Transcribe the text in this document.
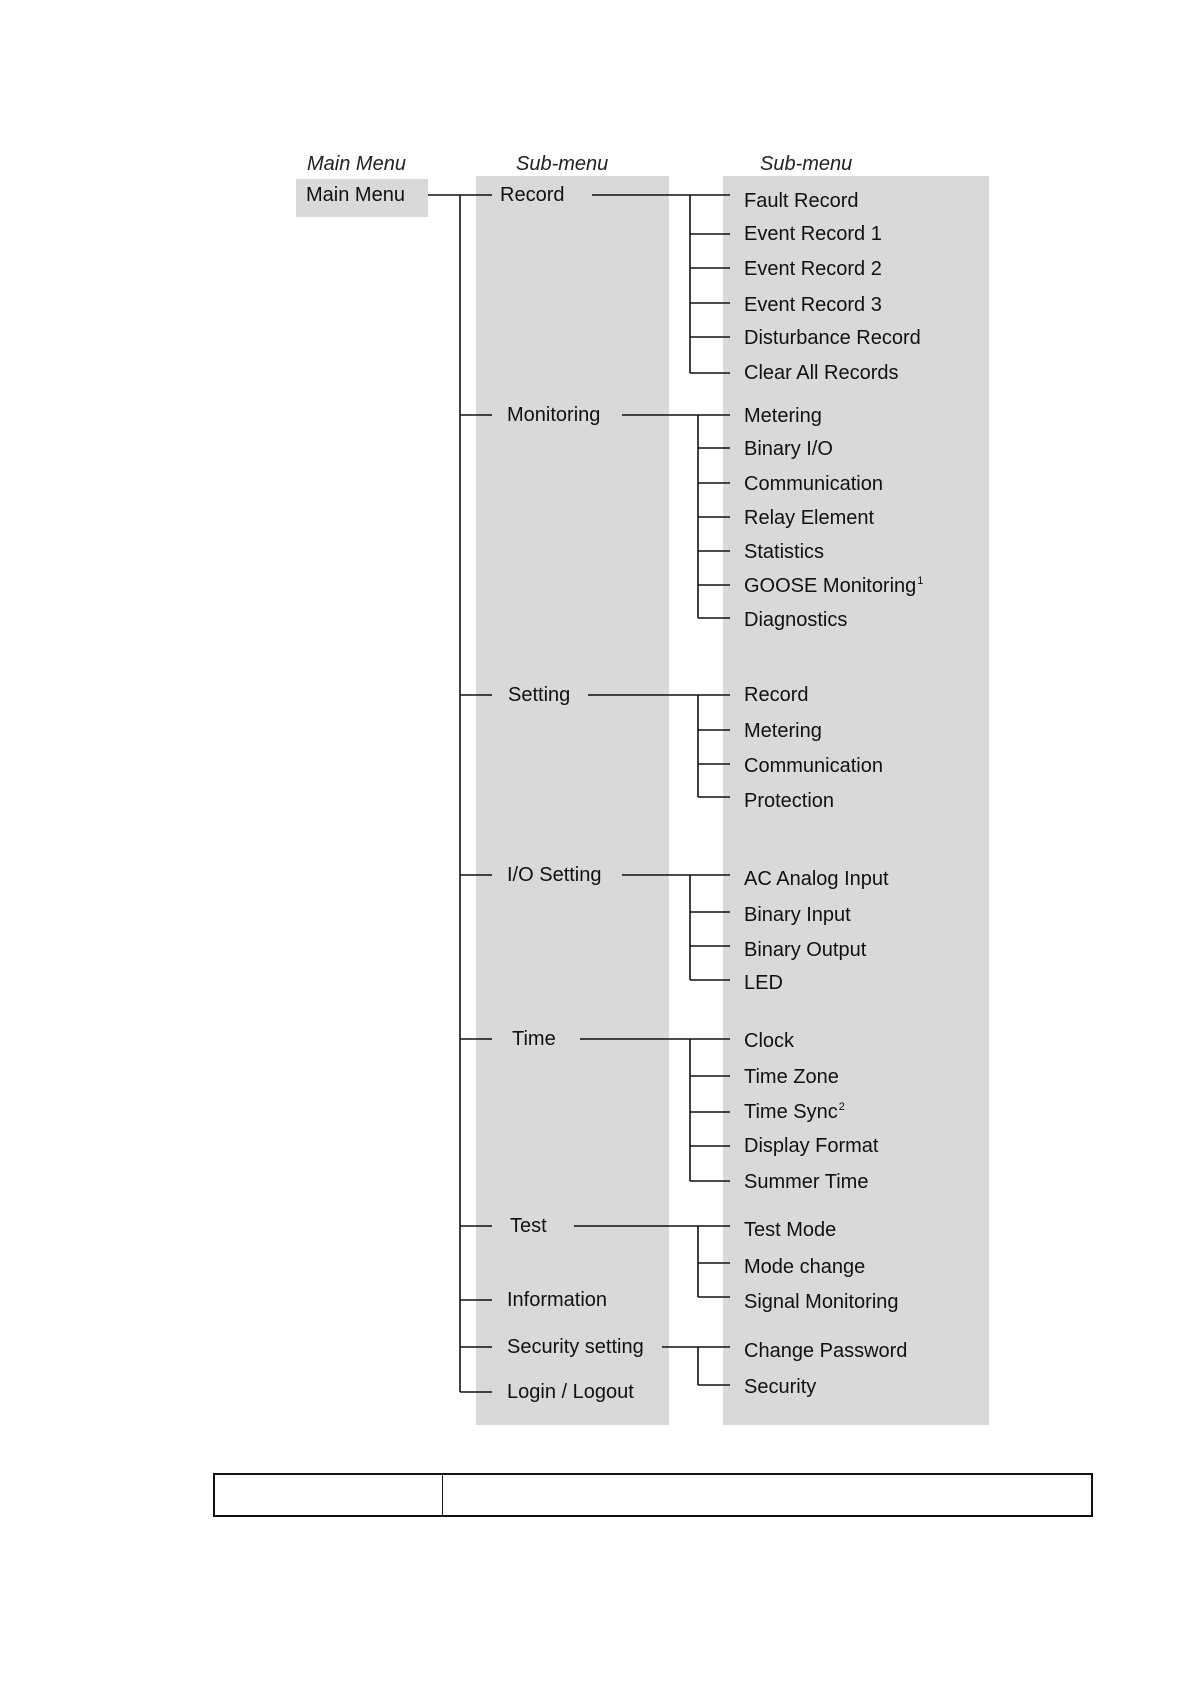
Main Menu	Sub-menu	Sub-menu
Main Menu	Record
Monitoring
Setting
I/O Setting
Time
Test
Information
Security setting
Login / Logout
Fault Record
Event Record 1
Event Record 2
Event Record 3
Disturbance Record
Clear All Records
Metering
Binary I/O
Communication
Relay Element
Statistics
GOOSE Monitoring$^1$
Diagnostics
Record
Metering
Communication
Protection
AC Analog Input
Binary Input
Binary Output
LED
Clock
Time Zone
Time Sync$^2$
Display Format
Summer Time
Test Mode
Mode change
Signal Monitoring
Change Password
Security
